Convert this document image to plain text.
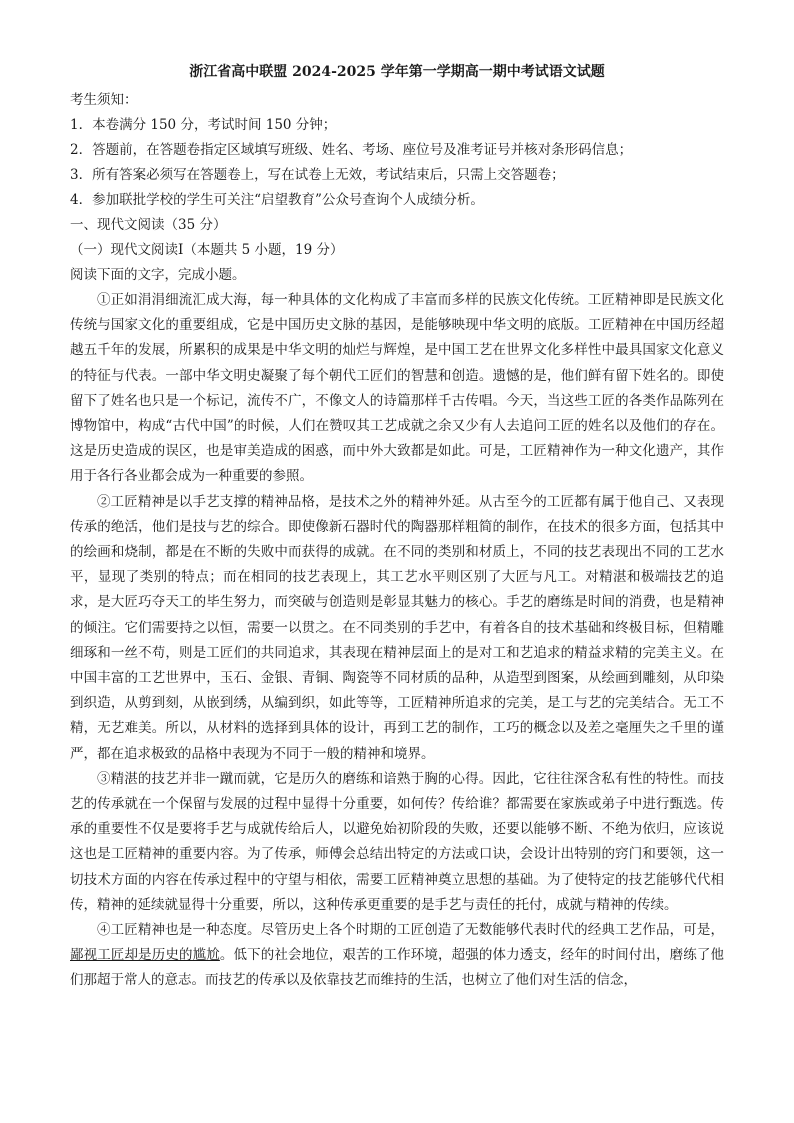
浙江省高中联盟 2024-2025 学年第一学期高一期中考试语文试题

考生须知：

1．本卷满分 150 分，考试时间 150 分钟；

2．答题前，在答题卷指定区域填写班级、姓名、考场、座位号及准考证号并核对条形码信息；

3．所有答案必须写在答题卷上，写在试卷上无效，考试结束后，只需上交答题卷；

4．参加联批学校的学生可关注“启望教育”公众号查询个人成绩分析。

一、现代文阅读（35 分）

（一）现代文阅读Ⅰ（本题共 5 小题，19 分）

阅读下面的文字，完成小题。

①正如涓涓细流汇成大海，每一种具体的文化构成了丰富而多样的民族文化传统。工匠精神即是民族文化传统与国家文化的重要组成，它是中国历史文脉的基因，是能够映现中华文明的底版。工匠精神在中国历经超越五千年的发展，所累积的成果是中华文明的灿烂与辉煌，是中国工艺在世界文化多样性中最具国家文化意义的特征与代表。一部中华文明史凝聚了每个朝代工匠们的智慧和创造。遗憾的是，他们鲜有留下姓名的。即使留下了姓名也只是一个标记，流传不广，不像文人的诗篇那样千古传唱。今天，当这些工匠的各类作品陈列在博物馆中，构成“古代中国”的时候，人们在赞叹其工艺成就之余又少有人去追问工匠的姓名以及他们的存在。这是历史造成的误区，也是审美造成的困惑，而中外大致都是如此。可是，工匠精神作为一种文化遗产，其作用于各行各业都会成为一种重要的参照。

②工匠精神是以手艺支撑的精神品格，是技术之外的精神外延。从古至今的工匠都有属于他自己、又表现传承的绝活，他们是技与艺的综合。即使像新石器时代的陶器那样粗简的制作，在技术的很多方面，包括其中的绘画和烧制，都是在不断的失败中而获得的成就。在不同的类别和材质上，不同的技艺表现出不同的工艺水平，显现了类别的特点；而在相同的技艺表现上，其工艺水平则区别了大匠与凡工。对精湛和极端技艺的追求，是大匠巧夺天工的毕生努力，而突破与创造则是彰显其魅力的核心。手艺的磨练是时间的消费，也是精神的倾注。它们需要持之以恒，需要一以贯之。在不同类别的手艺中，有着各自的技术基础和终极目标，但精雕细琢和一丝不苟，则是工匠们的共同追求，其表现在精神层面上的是对工和艺追求的精益求精的完美主义。在中国丰富的工艺世界中，玉石、金银、青铜、陶瓷等不同材质的品种，从造型到图案，从绘画到雕刻，从印染到织造，从剪到刻，从嵌到绣，从编到织，如此等等，工匠精神所追求的完美，是工与艺的完美结合。无工不精，无艺难美。所以，从材料的选择到具体的设计，再到工艺的制作，工巧的概念以及差之毫厘失之千里的谨严，都在追求极致的品格中表现为不同于一般的精神和境界。

③精湛的技艺并非一蹴而就，它是历久的磨练和谙熟于胸的心得。因此，它往往深含私有性的特性。而技艺的传承就在一个保留与发展的过程中显得十分重要，如何传？传给谁？都需要在家族或弟子中进行甄选。传承的重要性不仅是要将手艺与成就传给后人，以避免始初阶段的失败，还要以能够不断、不绝为依归，应该说这也是工匠精神的重要内容。为了传承，师傅会总结出特定的方法或口诀，会设计出特别的窍门和要领，这一切技术方面的内容在传承过程中的守望与相依，需要工匠精神奠立思想的基础。为了使特定的技艺能够代代相传，精神的延续就显得十分重要，所以，这种传承更重要的是手艺与责任的托付，成就与精神的传续。

④工匠精神也是一种态度。尽管历史上各个时期的工匠创造了无数能够代表时代的经典工艺作品，可是，鄙视工匠却是历史的尴尬。低下的社会地位，艰苦的工作环境，超强的体力透支，经年的时间付出，磨练了他们那超于常人的意志。而技艺的传承以及依靠技艺而维持的生活，也树立了他们对生活的信念，
